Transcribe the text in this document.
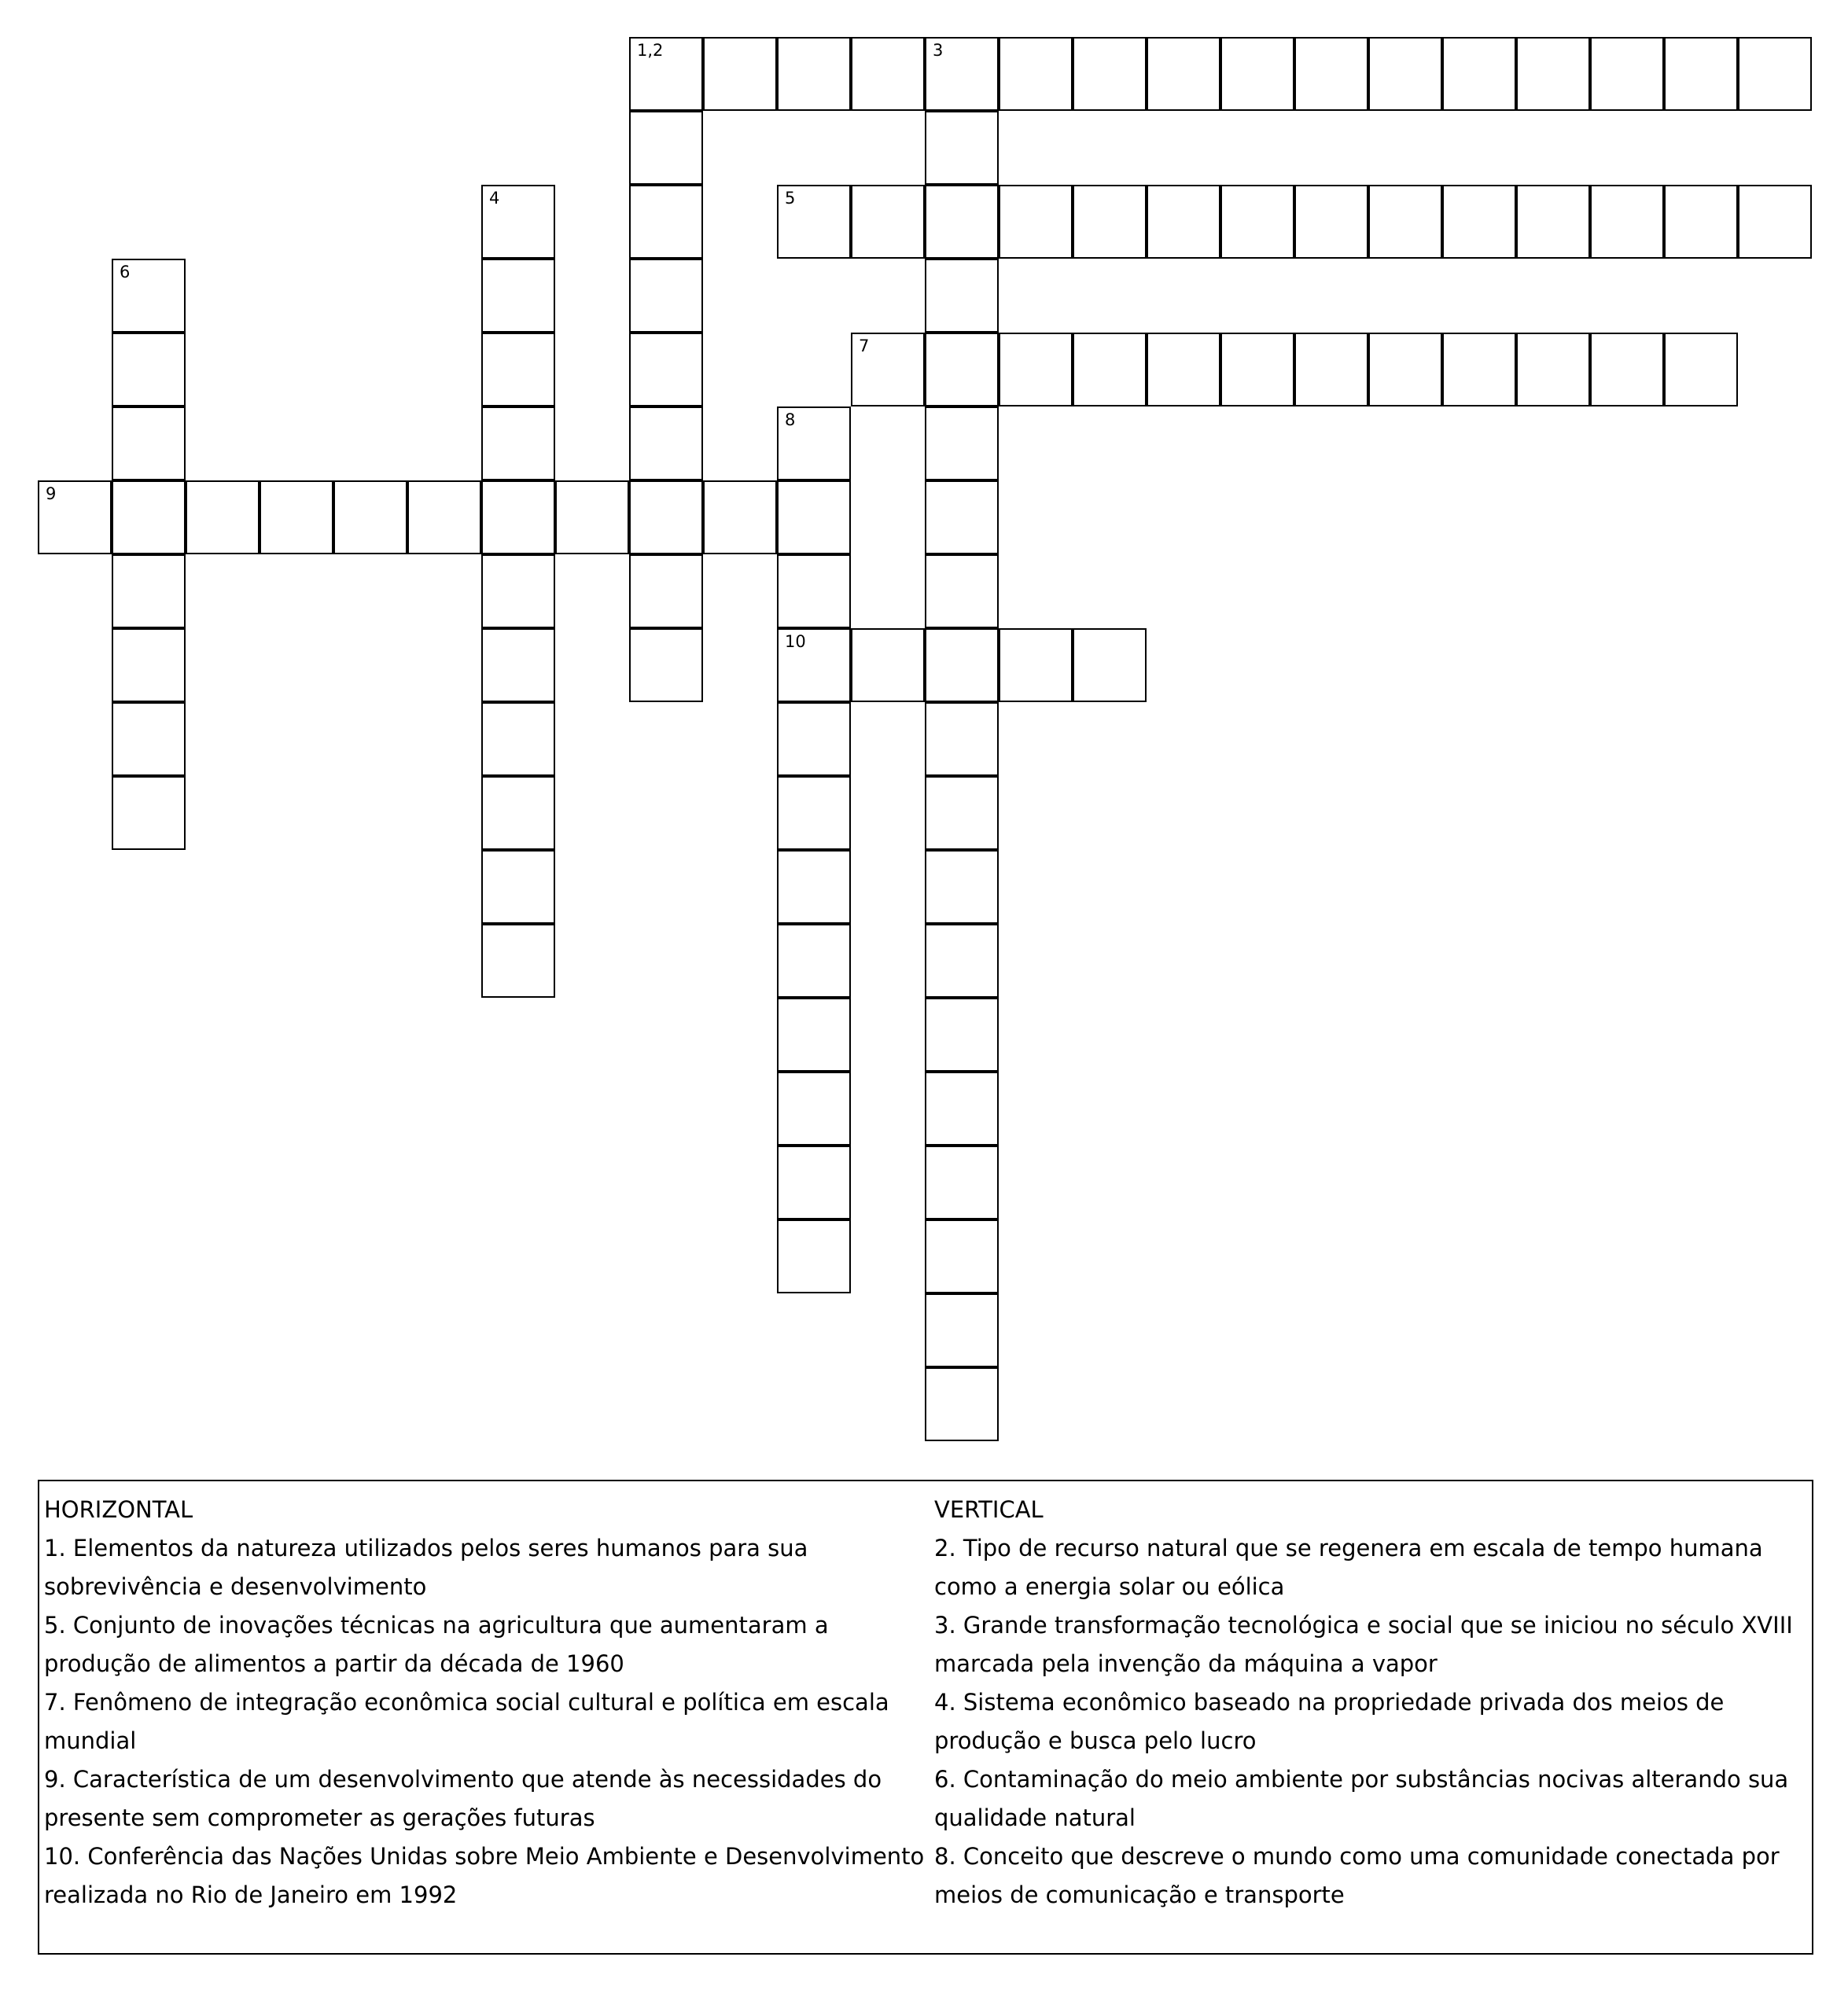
1,2	3
4	5
6
7
8
9
10

HORIZONTAL

1. Elementos da natureza utilizados pelos seres humanos para sua sobrevivência e desenvolvimento

5. Conjunto de inovações técnicas na agricultura que aumentaram a produção de alimentos a partir da década de 1960

7. Fenômeno de integração econômica social cultural e política em escala mundial

9. Característica de um desenvolvimento que atende às necessidades do presente sem comprometer as gerações futuras

10. Conferência das Nações Unidas sobre Meio Ambiente e Desenvolvimento realizada no Rio de Janeiro em 1992

VERTICAL

2. Tipo de recurso natural que se regenera em escala de tempo humana como a energia solar ou eólica

3. Grande transformação tecnológica e social que se iniciou no século XVIII marcada pela invenção da máquina a vapor

4. Sistema econômico baseado na propriedade privada dos meios de produção e busca pelo lucro

6. Contaminação do meio ambiente por substâncias nocivas alterando sua qualidade natural

8. Conceito que descreve o mundo como uma comunidade conectada por meios de comunicação e transporte
